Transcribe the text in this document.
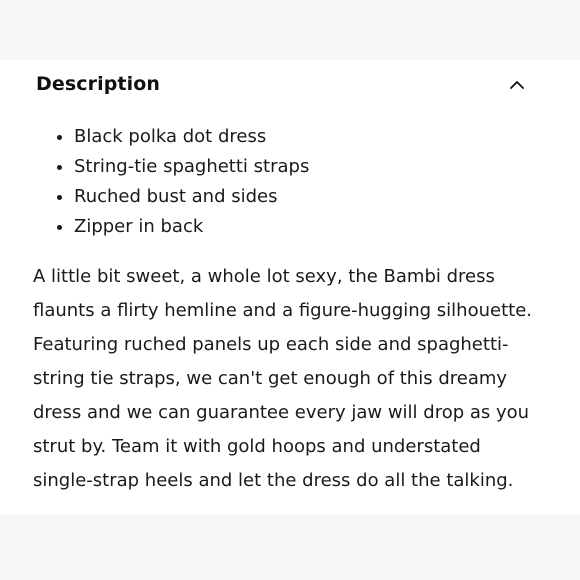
Description
• Black polka dot dress
• String-tie spaghetti straps
• Ruched bust and sides
• Zipper in back

A little bit sweet, a whole lot sexy, the Bambi dress flaunts a flirty hemline and a figure-hugging silhouette. Featuring ruched panels up each side and spaghetti-string tie straps, we can't get enough of this dreamy dress and we can guarantee every jaw will drop as you strut by. Team it with gold hoops and understated single-strap heels and let the dress do all the talking.
